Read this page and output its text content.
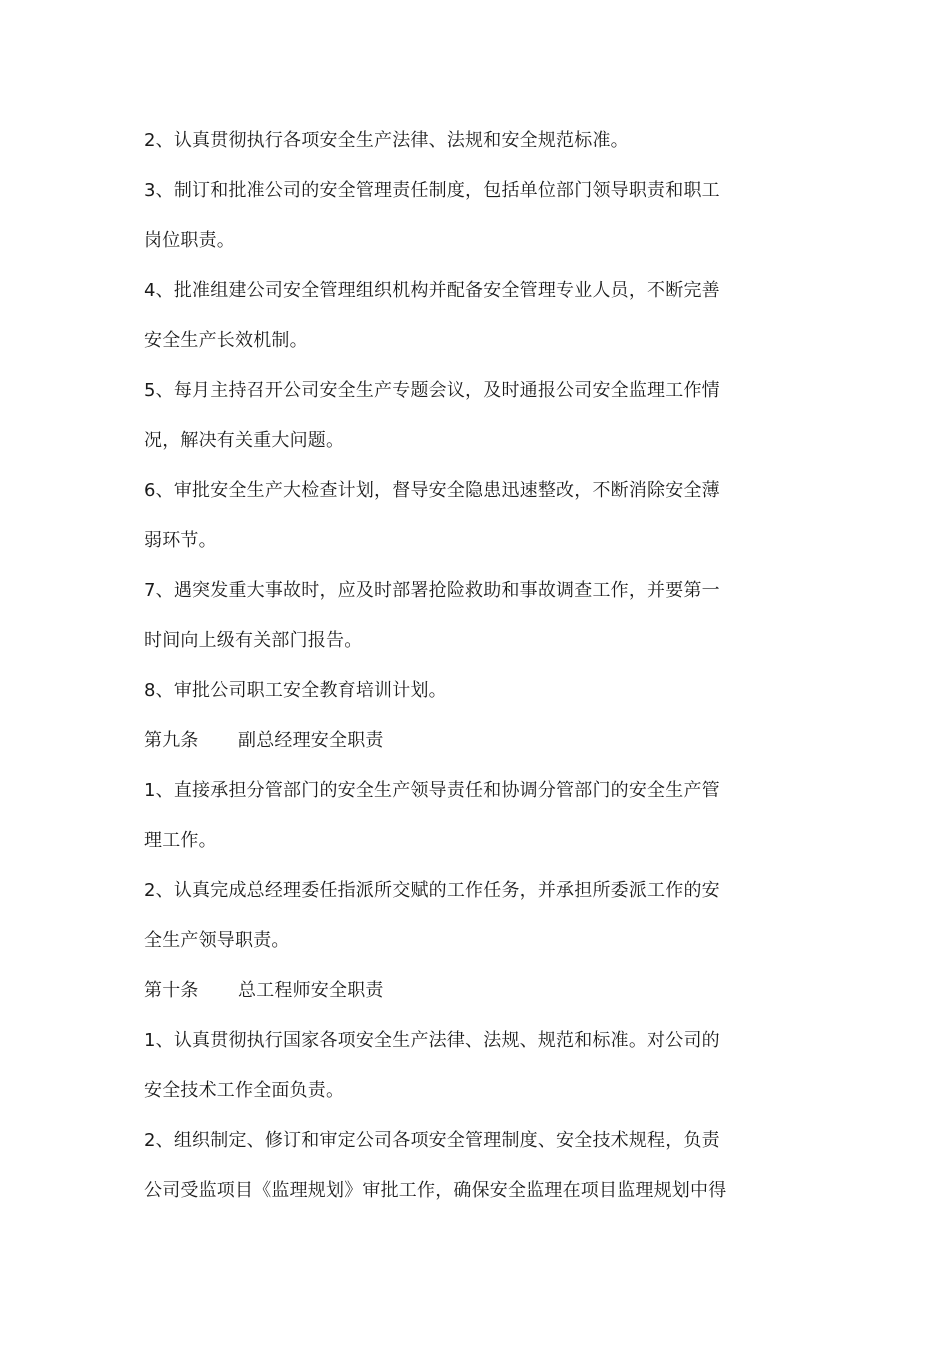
2、认真贯彻执行各项安全生产法律、法规和安全规范标准。
3、制订和批准公司的安全管理责任制度，包括单位部门领导职责和职工
岗位职责。
4、批准组建公司安全管理组织机构并配备安全管理专业人员，不断完善
安全生产长效机制。
5、每月主持召开公司安全生产专题会议，及时通报公司安全监理工作情
况，解决有关重大问题。
6、审批安全生产大检查计划，督导安全隐患迅速整改，不断消除安全薄
弱环节。
7、遇突发重大事故时，应及时部署抢险救助和事故调查工作，并要第一
时间向上级有关部门报告。
8、审批公司职工安全教育培训计划。
第九条 副总经理安全职责
1、直接承担分管部门的安全生产领导责任和协调分管部门的安全生产管
理工作。
2、认真完成总经理委任指派所交赋的工作任务，并承担所委派工作的安
全生产领导职责。
第十条 总工程师安全职责
1、认真贯彻执行国家各项安全生产法律、法规、规范和标准。对公司的
安全技术工作全面负责。
2、组织制定、修订和审定公司各项安全管理制度、安全技术规程，负责
公司受监项目《监理规划》审批工作，确保安全监理在项目监理规划中得
